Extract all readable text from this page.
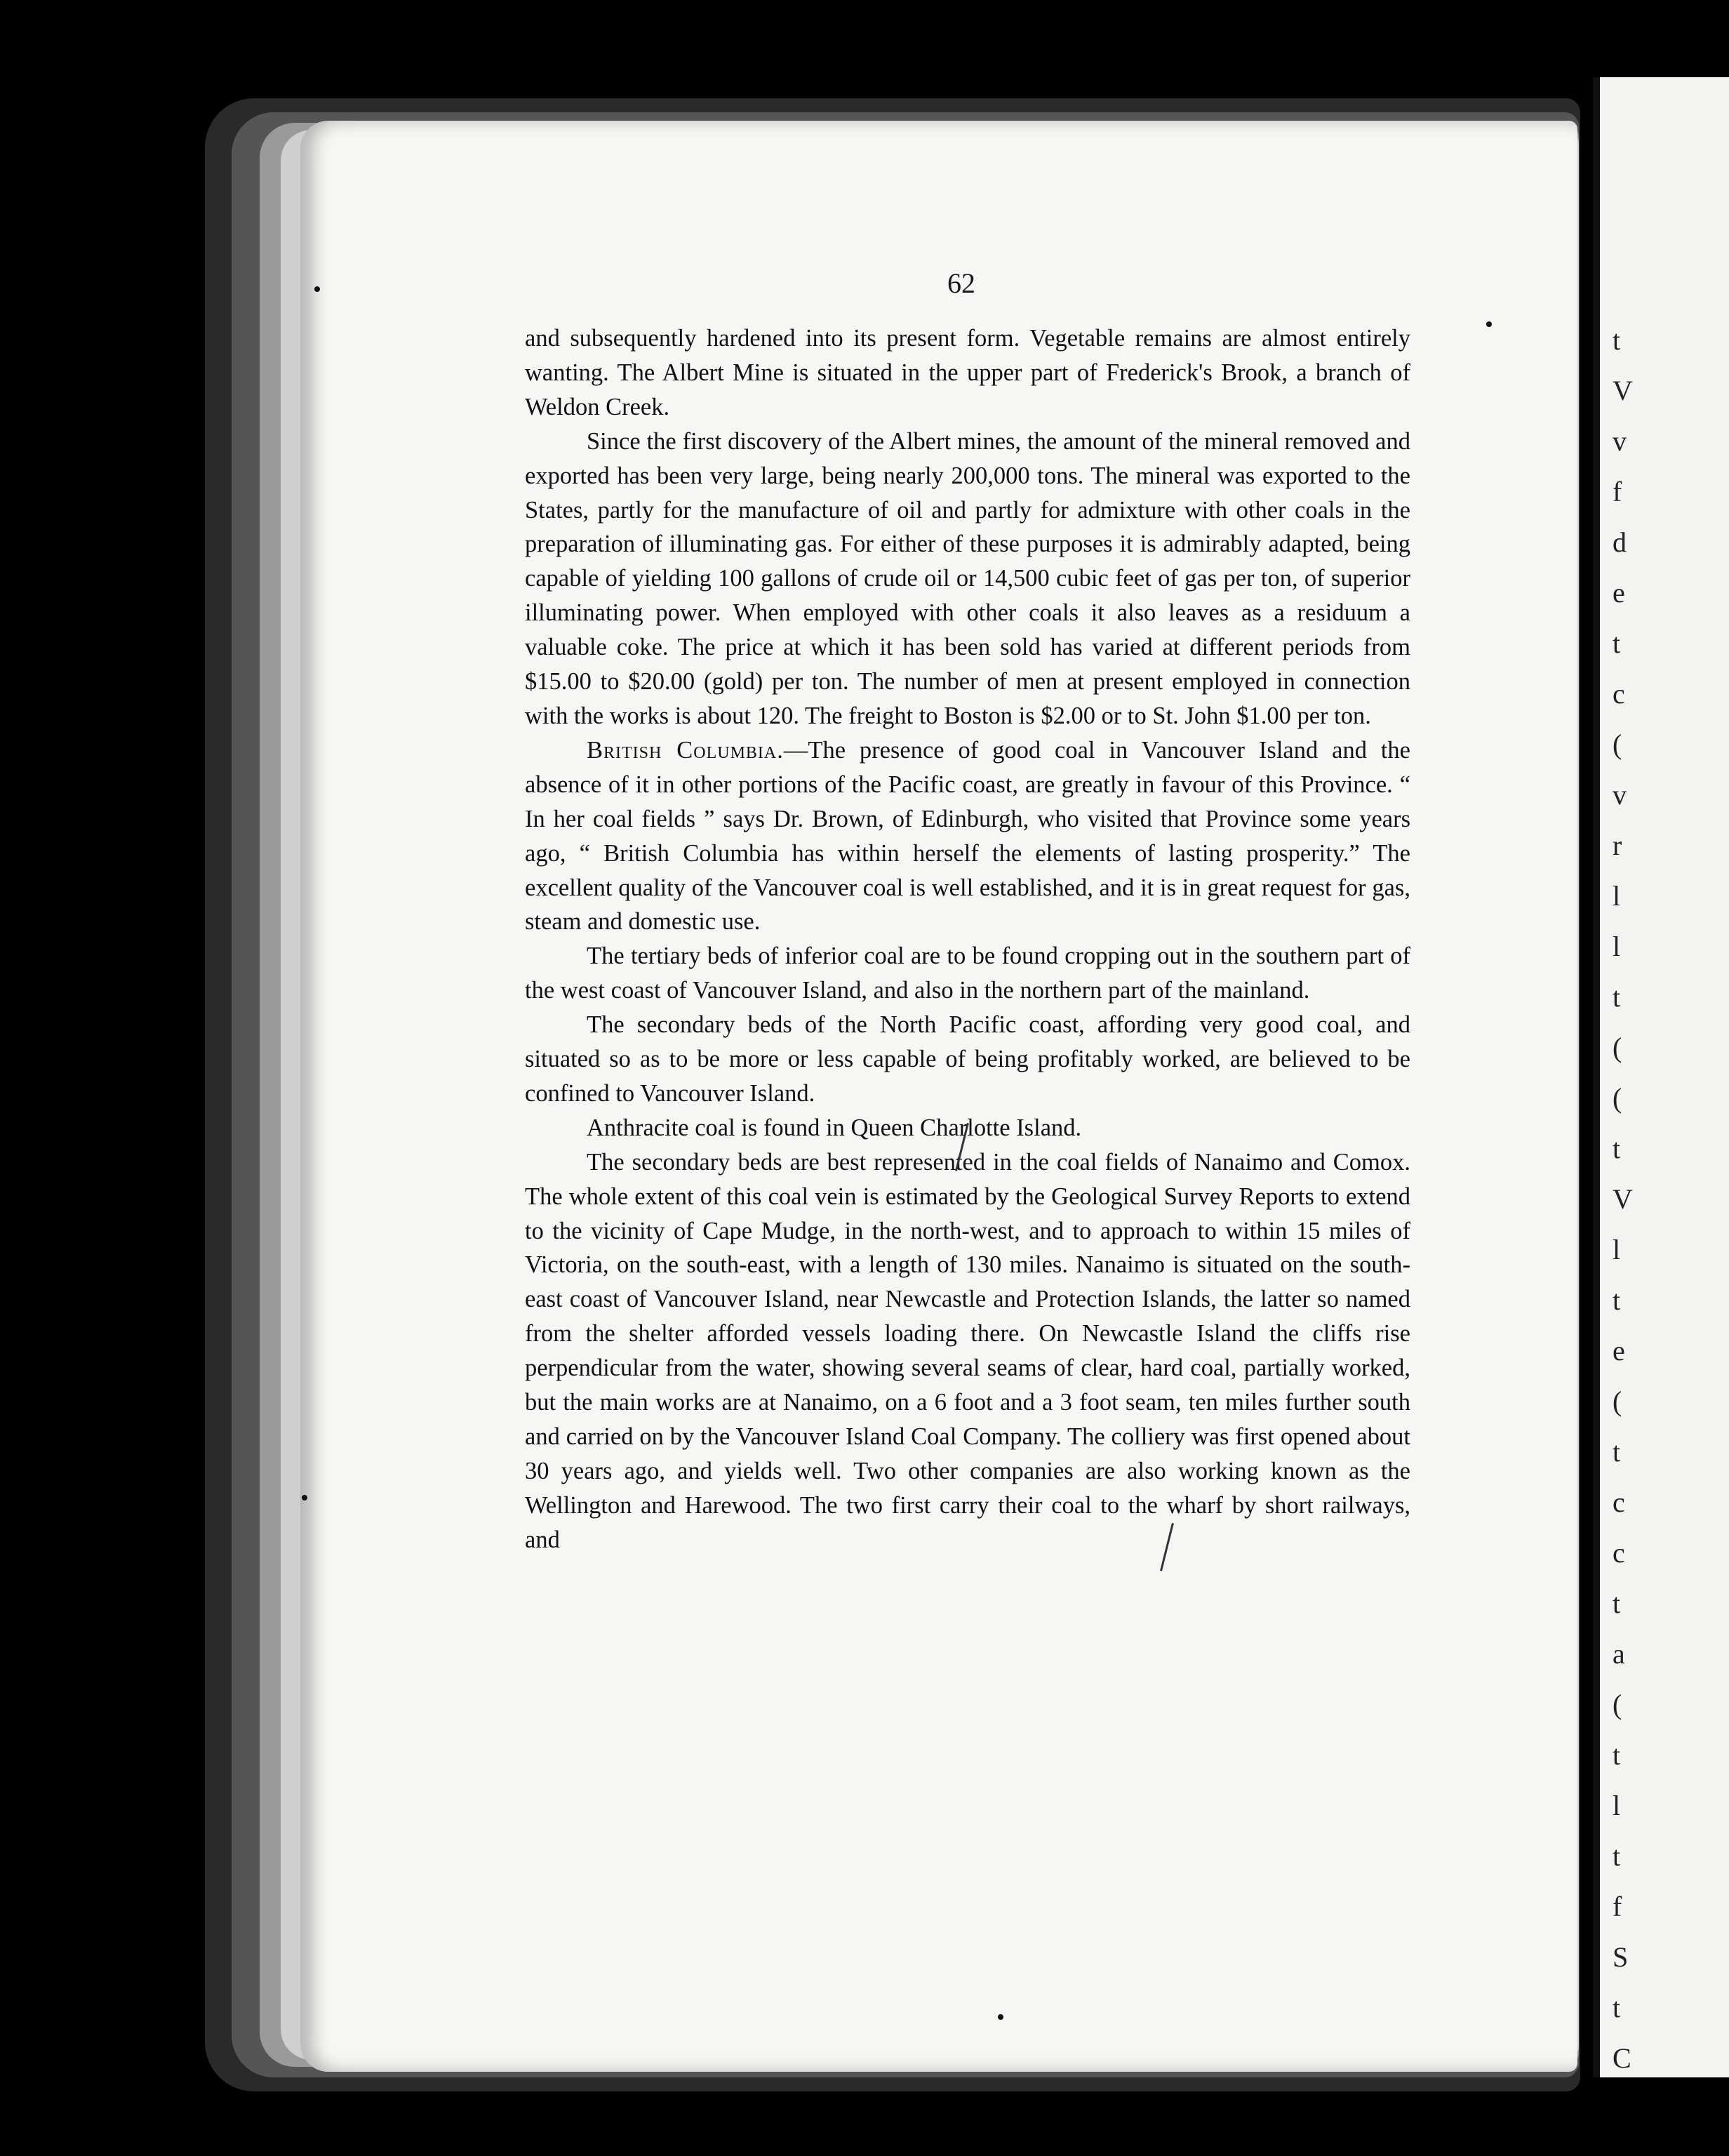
t
V
v
f
d
e
t
c
(
v
r
l
l
t
(
(
t
V
l
t
e
(
t
c
c
t
a
(
t
l
t
f
S
t
C
62

and subsequently hardened into its present form. Vegetable remains are almost entirely wanting. The Albert Mine is situated in the upper part of Frederick's Brook, a branch of Weldon Creek.

Since the first discovery of the Albert mines, the amount of the mineral removed and exported has been very large, being nearly 200,000 tons. The mineral was exported to the States, partly for the manufacture of oil and partly for admixture with other coals in the preparation of illuminating gas. For either of these purposes it is admirably adapted, being capable of yielding 100 gallons of crude oil or 14,500 cubic feet of gas per ton, of superior illuminating power. When employed with other coals it also leaves as a residuum a valuable coke. The price at which it has been sold has varied at different periods from $15.00 to $20.00 (gold) per ton. The number of men at present employed in connection with the works is about 120. The freight to Boston is $2.00 or to St. John $1.00 per ton.

British Columbia.—The presence of good coal in Vancouver Island and the absence of it in other portions of the Pacific coast, are greatly in favour of this Province. “ In her coal fields ” says Dr. Brown, of Edinburgh, who visited that Province some years ago, “ British Columbia has within herself the elements of lasting prosperity.” The excellent quality of the Vancouver coal is well established, and it is in great request for gas, steam and domestic use.

The tertiary beds of inferior coal are to be found cropping out in the southern part of the west coast of Vancouver Island, and also in the northern part of the mainland.

The secondary beds of the North Pacific coast, affording very good coal, and situated so as to be more or less capable of being profitably worked, are believed to be confined to Vancouver Island.

Anthracite coal is found in Queen Charlotte Island.

The secondary beds are best represented in the coal fields of Nanaimo and Comox. The whole extent of this coal vein is estimated by the Geological Survey Reports to extend to the vicinity of Cape Mudge, in the north-west, and to approach to within 15 miles of Victoria, on the south-east, with a length of 130 miles. Nanaimo is situated on the south-east coast of Vancouver Island, near Newcastle and Protection Islands, the latter so named from the shelter afforded vessels loading there. On Newcastle Island the cliffs rise perpendicular from the water, showing several seams of clear, hard coal, partially worked, but the main works are at Nanaimo, on a 6 foot and a 3 foot seam, ten miles further south and carried on by the Vancouver Island Coal Company. The colliery was first opened about 30 years ago, and yields well. Two other companies are also working known as the Wellington and Harewood. The two first carry their coal to the wharf by short railways, and
